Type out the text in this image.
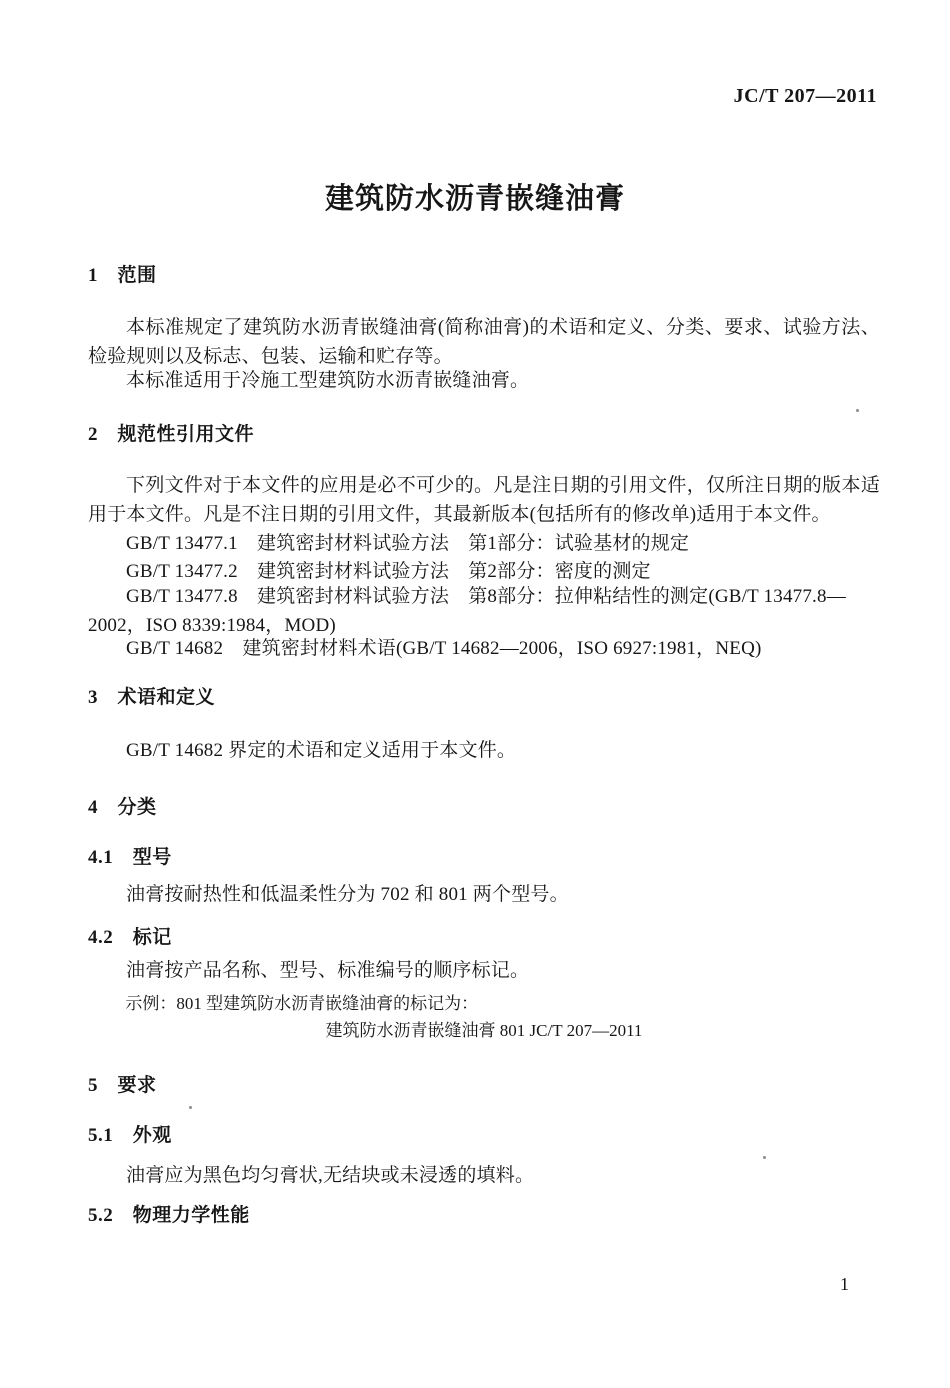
JC/T 207—2011
建筑防水沥青嵌缝油膏
1　范围
本标准规定了建筑防水沥青嵌缝油膏(简称油膏)的术语和定义、分类、要求、试验方法、检验规则以及标志、包装、运输和贮存等。
本标准适用于冷施工型建筑防水沥青嵌缝油膏。
2　规范性引用文件
下列文件对于本文件的应用是必不可少的。凡是注日期的引用文件，仅所注日期的版本适用于本文件。凡是不注日期的引用文件，其最新版本(包括所有的修改单)适用于本文件。
GB/T 13477.1　建筑密封材料试验方法　第1部分：试验基材的规定
GB/T 13477.2　建筑密封材料试验方法　第2部分：密度的测定
GB/T 13477.8　建筑密封材料试验方法　第8部分：拉伸粘结性的测定(GB/T 13477.8—2002，ISO 8339:1984，MOD)
GB/T 14682　建筑密封材料术语(GB/T 14682—2006，ISO 6927:1981，NEQ)
3　术语和定义
GB/T 14682 界定的术语和定义适用于本文件。
4　分类
4.1　型号
油膏按耐热性和低温柔性分为 702 和 801 两个型号。
4.2　标记
油膏按产品名称、型号、标准编号的顺序标记。
示例：801 型建筑防水沥青嵌缝油膏的标记为：
建筑防水沥青嵌缝油膏 801 JC/T 207—2011
5　要求
5.1　外观
油膏应为黑色均匀膏状,无结块或未浸透的填料。
5.2　物理力学性能
1
